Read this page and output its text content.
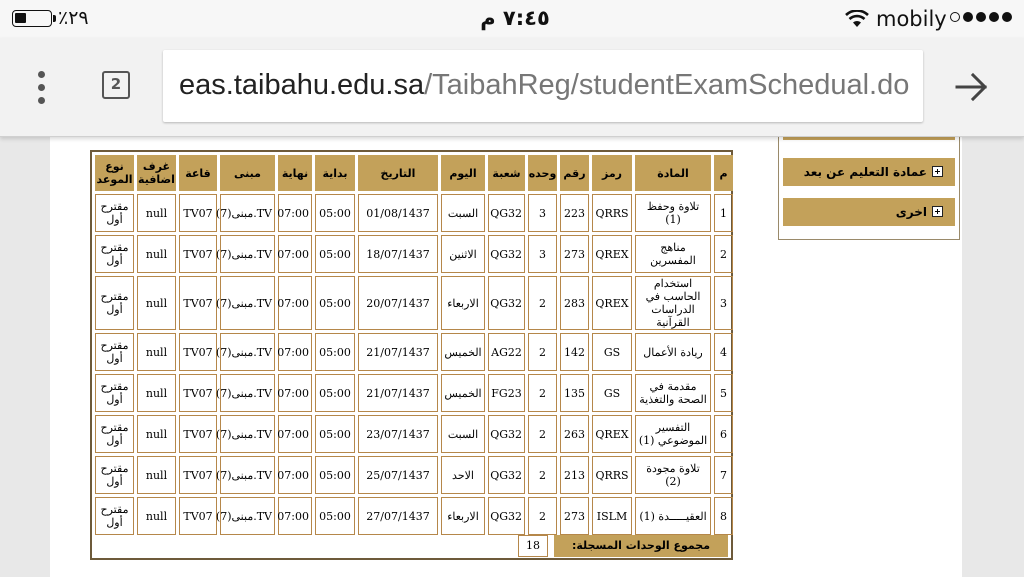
٪٢٩	٧:٤٥ م	mobily
2	eas.taibahu.edu.sa/TaibahReg/studentExamSchedual.do
عمادة التعليم عن بعد
اخرى
م	المادة	رمز	رقم	وحده	شعبة	اليوم	التاريخ	بداية	نهاية	مبنى	قاعة	غرف اضافية	نوع الموعد
1	تلاوة وحفظ (1)	QRRS	223	3	QG32	السبت	01/08/1437	05:00	07:00	TV.مبنى(7)	TV07	null	مقترح أول
2	مناهج المفسرين	QREX	273	3	QG32	الاثنين	18/07/1437	05:00	07:00	TV.مبنى(7)	TV07	null	مقترح أول
3	استخدام الحاسب في الدراسات القرآنية	QREX	283	2	QG32	الاربعاء	20/07/1437	05:00	07:00	TV.مبنى(7)	TV07	null	مقترح أول
4	ريادة الأعمال	GS	142	2	AG22	الخميس	21/07/1437	05:00	07:00	TV.مبنى(7)	TV07	null	مقترح أول
5	مقدمة في الصحة والتغذية	GS	135	2	FG23	الخميس	21/07/1437	05:00	07:00	TV.مبنى(7)	TV07	null	مقترح أول
6	التفسير الموضوعي (1)	QREX	263	2	QG32	السبت	23/07/1437	05:00	07:00	TV.مبنى(7)	TV07	null	مقترح أول
7	تلاوة مجودة (2)	QRRS	213	2	QG32	الاحد	25/07/1437	05:00	07:00	TV.مبنى(7)	TV07	null	مقترح أول
8	العقيـــــدة (1)	ISLM	273	2	QG32	الاربعاء	27/07/1437	05:00	07:00	TV.مبنى(7)	TV07	null	مقترح أول
مجموع الوحدات المسجلة:
18
